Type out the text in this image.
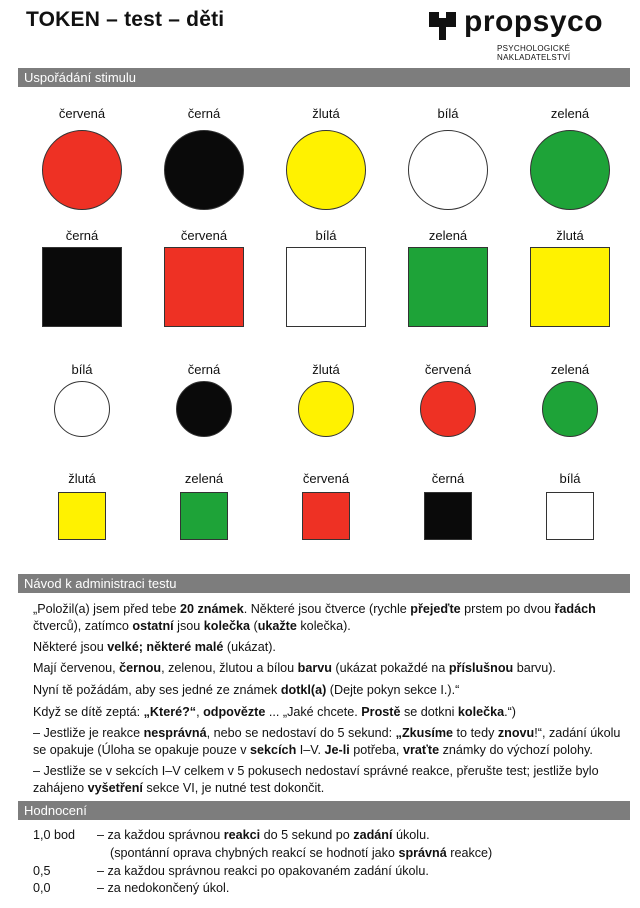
TOKEN – test – děti	propsyco
PSYCHOLOGICKÉ NAKLADATELSTVÍ
Uspořádání stimulu
červená	černá	žlutá	bílá	zelená
černá	červená	bílá	zelená	žlutá
bílá	černá	žlutá	červená	zelená
žlutá	zelená	červená	černá	bílá
Návod k administraci testu
„Položil(a) jsem před tebe 20 známek. Některé jsou čtverce (rychle přejeďte prstem po dvou řadách čtverců), zatímco ostatní jsou kolečka (ukažte kolečka).
Některé jsou velké; některé malé (ukázat).
Mají červenou, černou, zelenou, žlutou a bílou barvu (ukázat pokaždé na příslušnou barvu).
Nyní tě požádám, aby ses jedné ze známek dotkl(a) (Dejte pokyn sekce I.).“
Když se dítě zeptá: „Které?“, odpovězte ... „Jaké chcete. Prostě se dotkni kolečka.“)
– Jestliže je reakce nesprávná, nebo se nedostaví do 5 sekund: „Zkusíme to tedy znovu!“, zadání úkolu se opakuje (Úloha se opakuje pouze v sekcích I–V. Je-li potřeba, vraťte známky do výchozí polohy.
– Jestliže se v sekcích I–V celkem v 5 pokusech nedostaví správné reakce, přerušte test; jestliže bylo zahájeno vyšetření sekce VI, je nutné test dokončit.
Hodnocení
1,0 bod – za každou správnou reakci do 5 sekund po zadání úkolu.
(spontánní oprava chybných reakcí se hodnotí jako správná reakce)
0,5	– za každou správnou reakci po opakovaném zadání úkolu.
0,0	– za nedokončený úkol.
